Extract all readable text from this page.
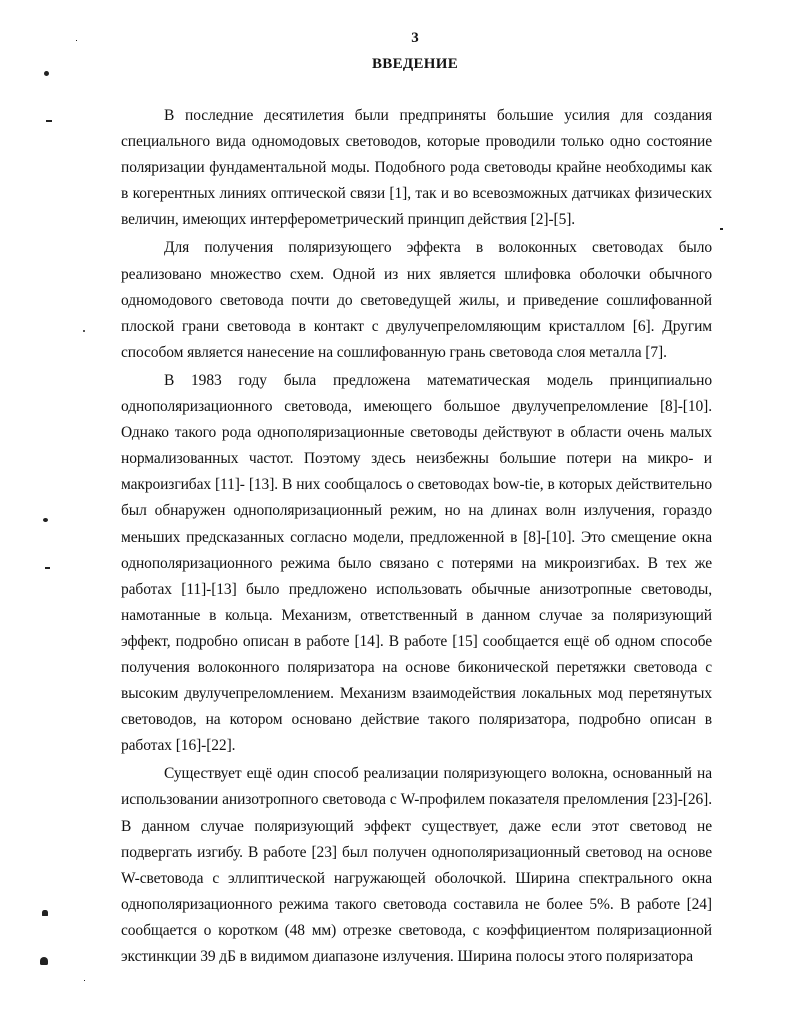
3
ВВЕДЕНИЕ

В последние десятилетия были предприняты большие усилия для создания специального вида одномодовых световодов, которые проводили только одно состояние поляризации фундаментальной моды. Подобного рода световоды крайне необходимы как в когерентных линиях оптической связи [1], так и во всевозможных датчиках физических величин, имеющих интерферометрический принцип действия [2]-[5].

Для получения поляризующего эффекта в волоконных световодах было реализовано множество схем. Одной из них является шлифовка оболочки обычного одномодового световода почти до световедущей жилы, и приведение сошлифованной плоской грани световода в контакт с двулучепреломляющим кристаллом [6]. Другим способом является нанесение на сошлифованную грань световода слоя металла [7].

В 1983 году была предложена математическая модель принципиально однополяризационного световода, имеющего большое двулучепреломление [8]-[10]. Однако такого рода однополяризационные световоды действуют в области очень малых нормализованных частот. Поэтому здесь неизбежны большие потери на микро- и макроизгибах [11]- [13]. В них сообщалось о световодах bow-tie, в которых действительно был обнаружен однополяризационный режим, но на длинах волн излучения, гораздо меньших предсказанных согласно модели, предложенной в [8]-[10]. Это смещение окна однополяризационного режима было связано с потерями на микроизгибах. В тех же работах [11]-[13] было предложено использовать обычные анизотропные световоды, намотанные в кольца. Механизм, ответственный в данном случае за поляризующий эффект, подробно описан в работе [14]. В работе [15] сообщается ещё об одном способе получения волоконного поляризатора на основе биконической перетяжки световода с высоким двулучепреломлением. Механизм взаимодействия локальных мод перетянутых световодов, на котором основано действие такого поляризатора, подробно описан в работах [16]-[22].

Существует ещё один способ реализации поляризующего волокна, основанный на использовании анизотропного световода с W-профилем показателя преломления [23]-[26]. В данном случае поляризующий эффект существует, даже если этот световод не подвергать изгибу. В работе [23] был получен однополяризационный световод на основе W-световода с эллиптической нагружающей оболочкой. Ширина спектрального окна однополяризационного режима такого световода составила не более 5%. В работе [24] сообщается о коротком (48 мм) отрезке световода, с коэффициентом поляризационной экстинкции 39 дБ в видимом диапазоне излучения. Ширина полосы этого поляризатора
